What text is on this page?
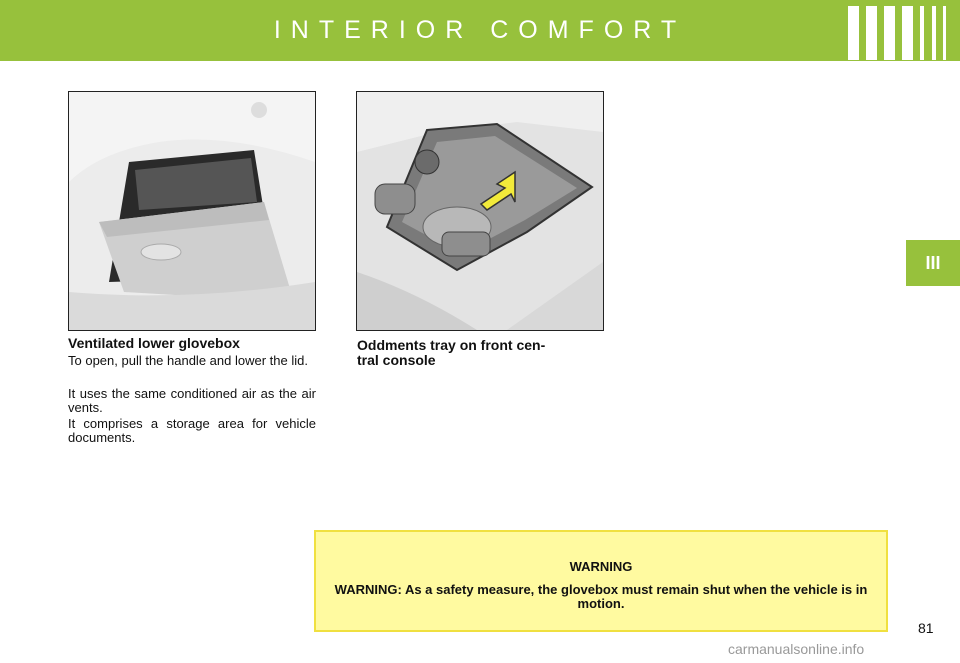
INTERIOR COMFORT
III
Ventilated lower glovebox
To open, pull the handle and lower the lid.
It uses the same conditioned air as the air vents.
It comprises a storage area for vehicle documents.
Oddments tray on front cen-
tral console
WARNING
WARNING: As a safety measure, the glovebox must remain shut when the vehicle is in motion.
81
carmanualsonline.info
